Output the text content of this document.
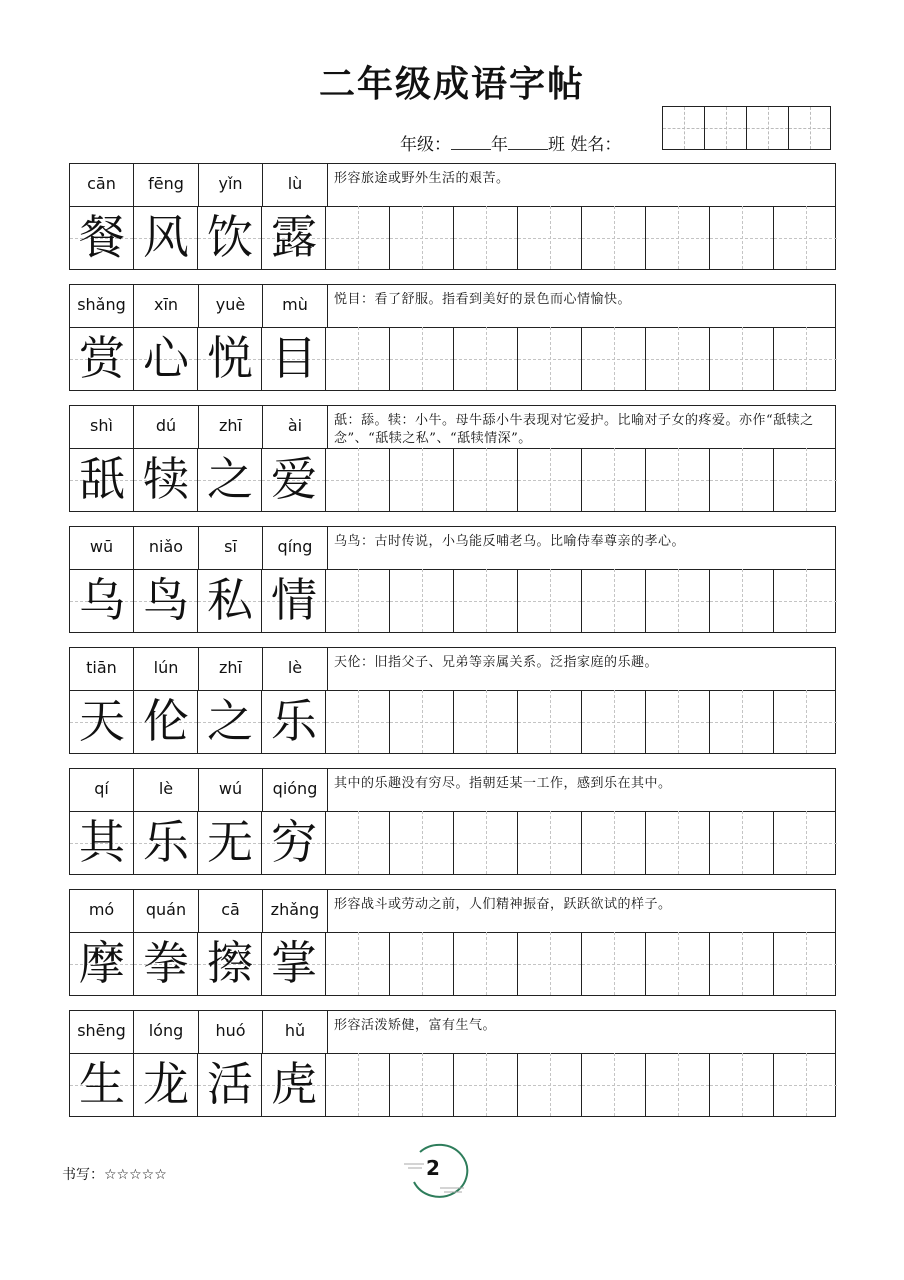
二年级成语字帖
年级： 年 班 姓名：
cān	fēng	yǐn	lù	形容旅途或野外生活的艰苦。
餐 风 饮 露
shǎng	xīn	yuè	mù	悦目：看了舒服。指看到美好的景色而心情愉快。
赏 心 悦 目
shì	dú	zhī	ài	舐：舔。犊：小牛。母牛舔小牛表现对它爱护。比喻对子女的疼爱。亦作“舐犊之念”、“舐犊之私”、“舐犊情深”。
舐 犊 之 爱
wū	niǎo	sī	qíng	乌鸟：古时传说，小乌能反哺老乌。比喻侍奉尊亲的孝心。
乌 鸟 私 情
tiān	lún	zhī	lè	天伦：旧指父子、兄弟等亲属关系。泛指家庭的乐趣。
天 伦 之 乐
qí	lè	wú	qióng	其中的乐趣没有穷尽。指朝廷某一工作，感到乐在其中。
其 乐 无 穷
mó	quán	cā	zhǎng	形容战斗或劳动之前，人们精神振奋，跃跃欲试的样子。
摩 拳 擦 掌
shēng	lóng	huó	hǔ	形容活泼矫健，富有生气。
生 龙 活 虎
书写：☆☆☆☆☆	2
